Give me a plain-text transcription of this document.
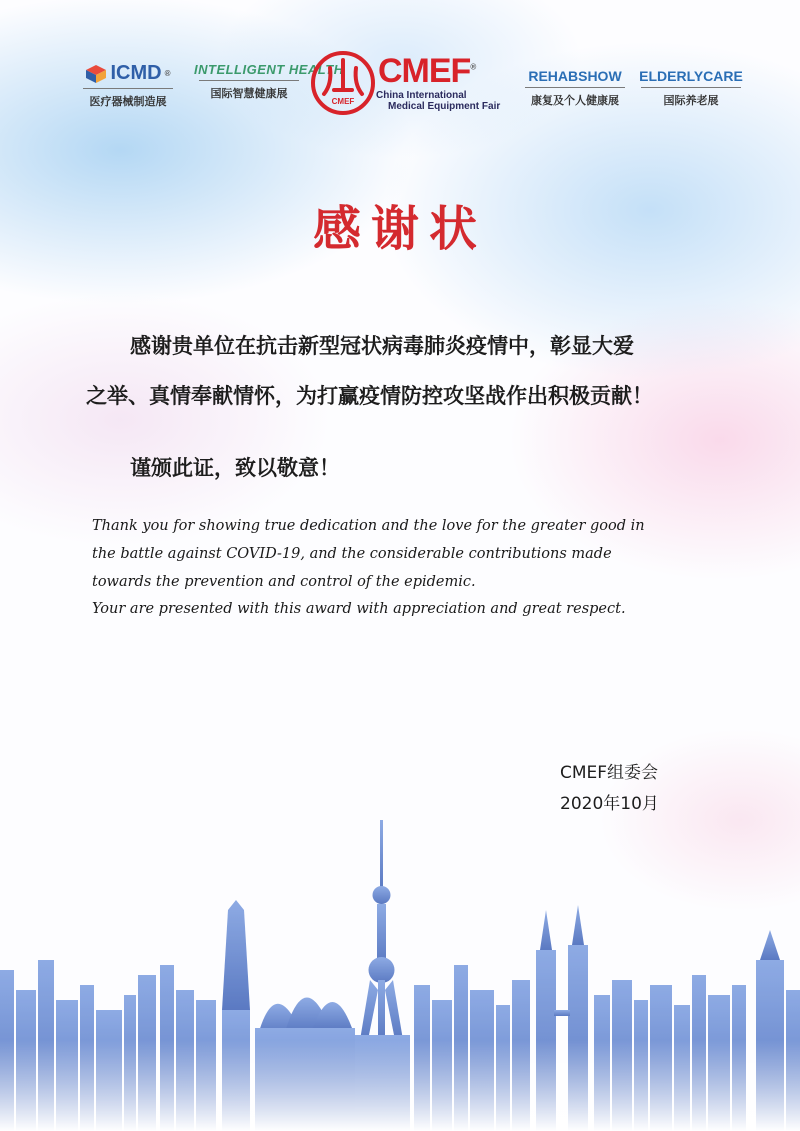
ICMD ®
医疗器械制造展
INTELLIGENT HEALTH
国际智慧健康展
CMEF
CMEF®
China International
Medical Equipment Fair
REHABSHOW
康复及个人健康展
ELDERLYCARE
国际养老展
感谢状
感谢贵单位在抗击新型冠状病毒肺炎疫情中，彰显大爱
之举、真情奉献情怀，为打赢疫情防控攻坚战作出积极贡献！
谨颁此证，致以敬意！
Thank you for showing true dedication and the love for the greater good in
the battle against COVID-19, and the considerable contributions made
towards the prevention and control of the epidemic.
Your are presented with this award with appreciation and great respect.
CMEF组委会
2020年10月
